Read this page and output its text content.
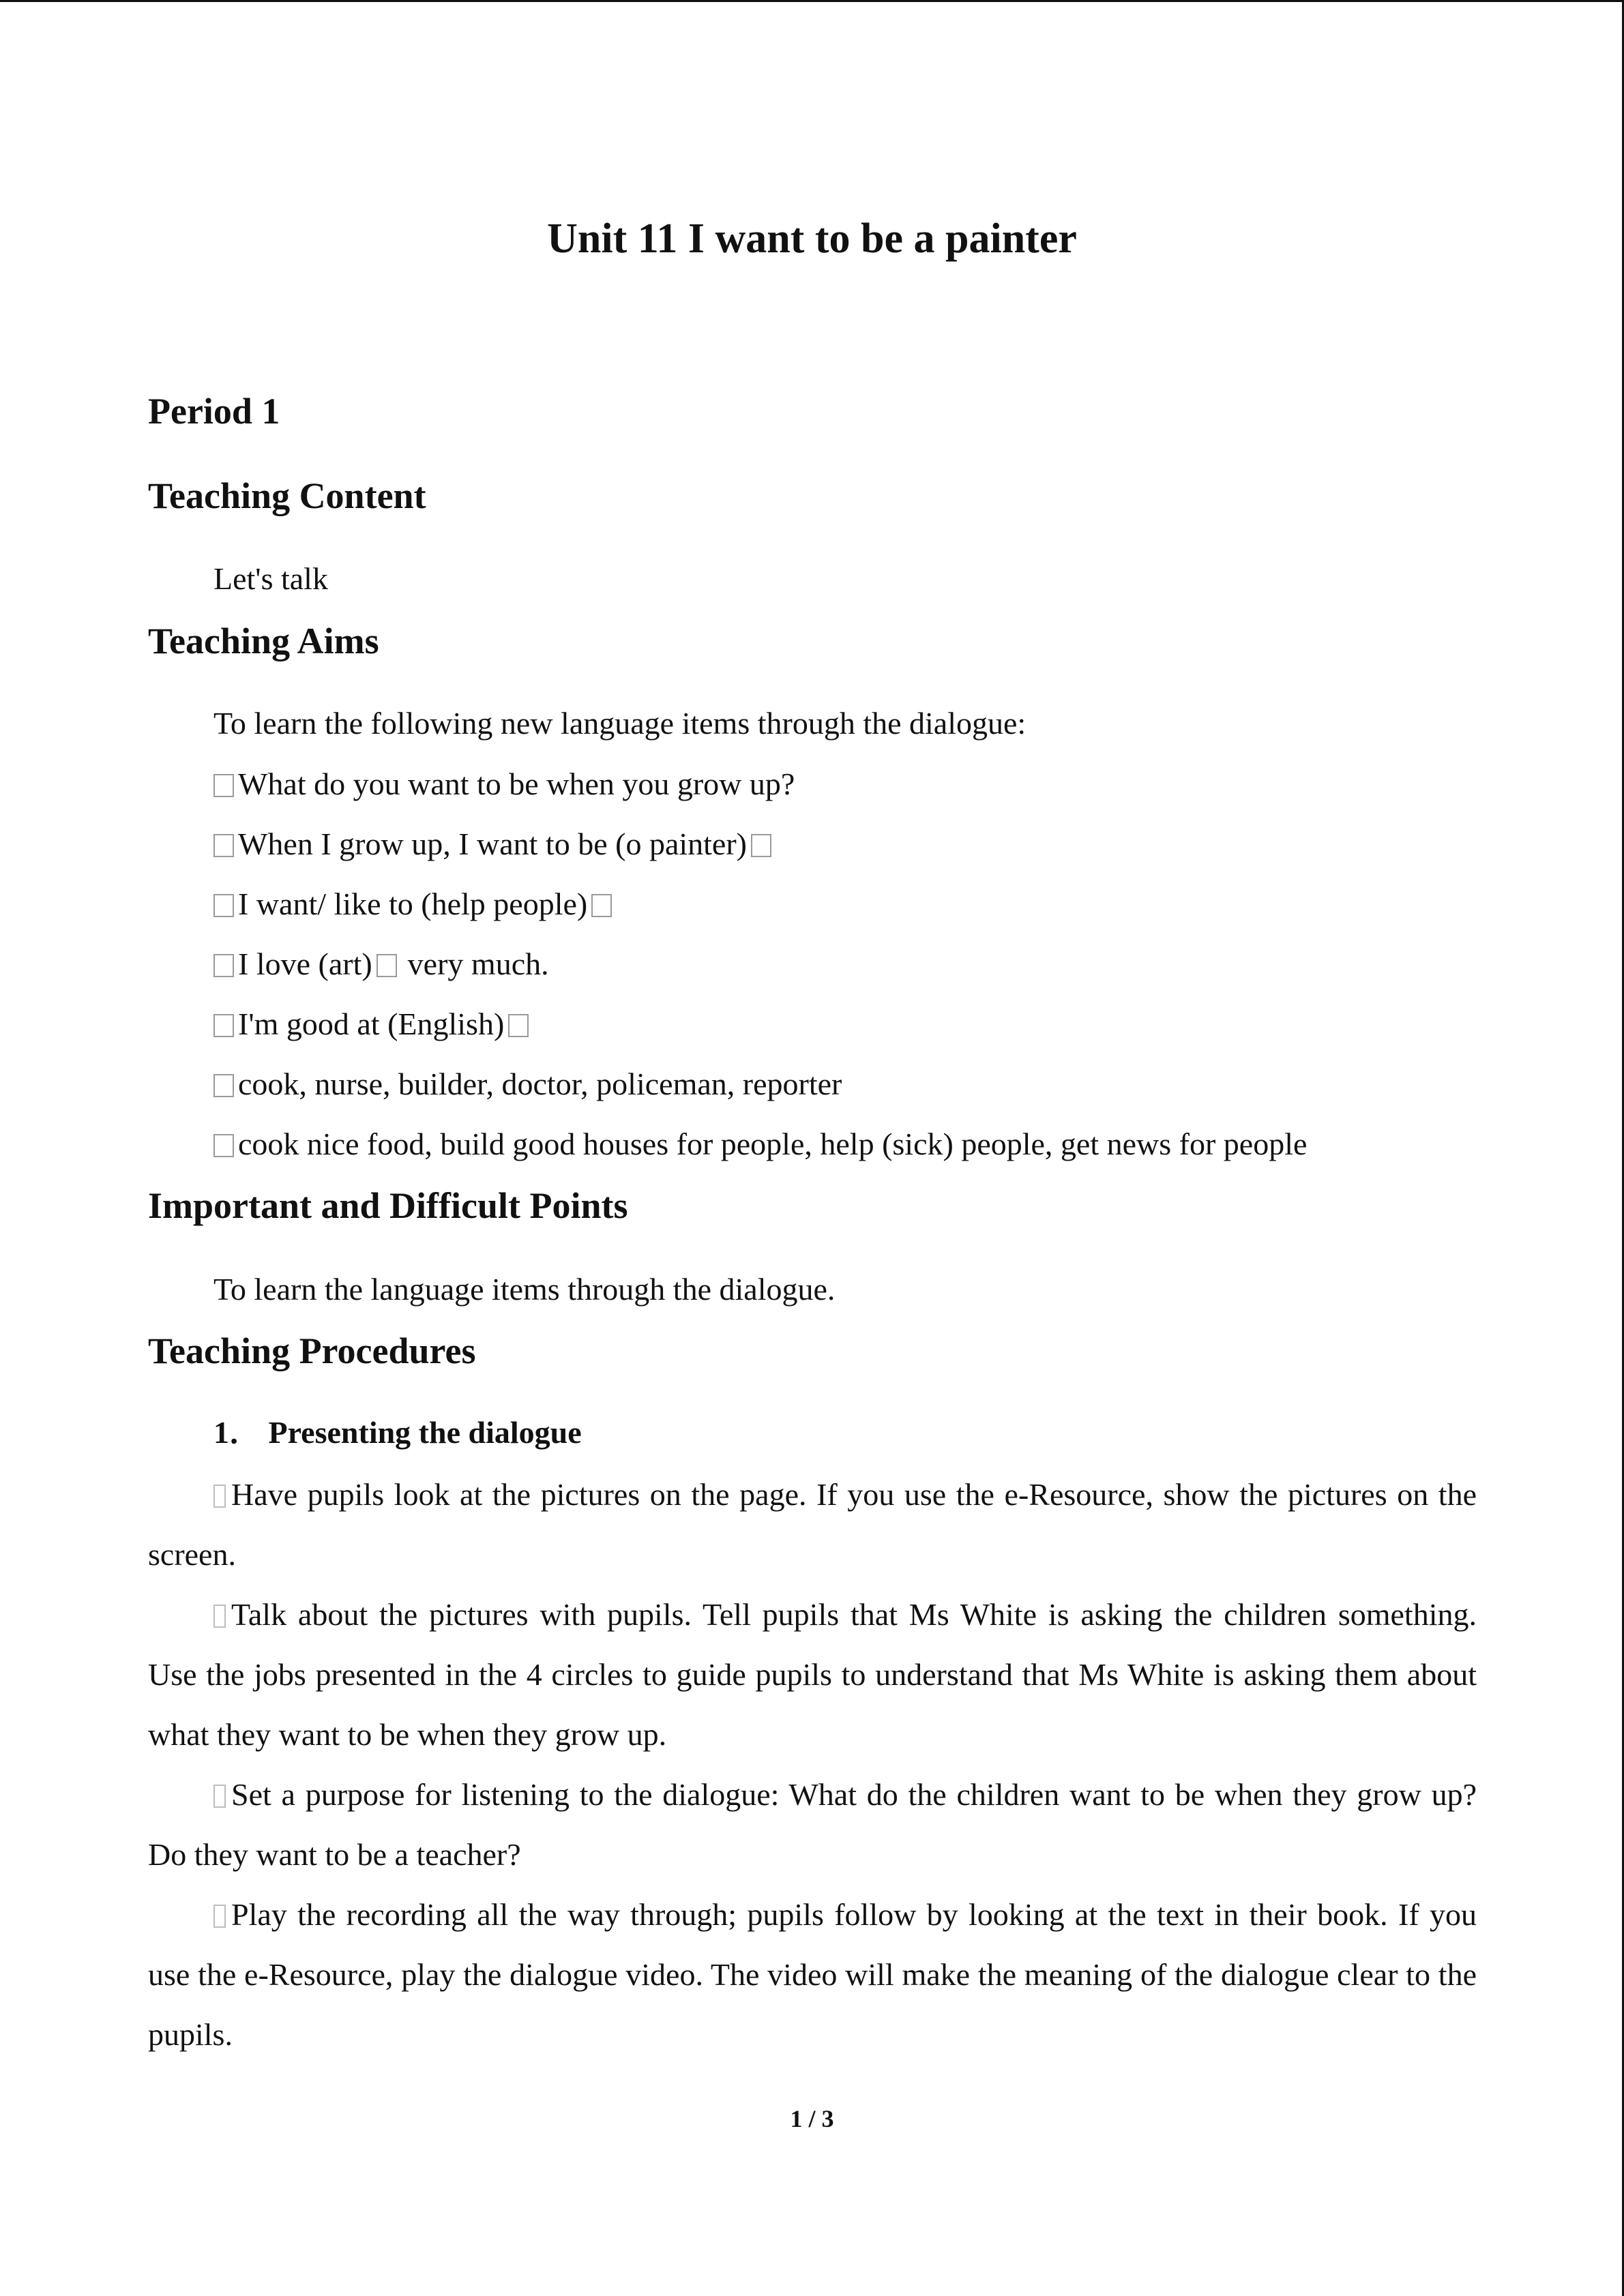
Unit 11 I want to be a painter
Period 1
Teaching Content
Let's talk
Teaching Aims
To learn the following new language items through the dialogue:
What do you want to be when you grow up?
When I grow up, I want to be (o painter)
I want/ like to (help people)
I love (art) very much.
I'm good at (English)
cook, nurse, builder, doctor, policeman, reporter
cook nice food, build good houses for people, help (sick) people, get news for people
Important and Difficult Points
To learn the language items through the dialogue.
Teaching Procedures
1． Presenting the dialogue

Have pupils look at the pictures on the page. If you use the e-Resource, show the pictures on the screen.

Talk about the pictures with pupils. Tell pupils that Ms White is asking the children something. Use the jobs presented in the 4 circles to guide pupils to understand that Ms White is asking them about what they want to be when they grow up.

Set a purpose for listening to the dialogue: What do the children want to be when they grow up? Do they want to be a teacher?

Play the recording all the way through; pupils follow by looking at the text in their book. If you use the e-Resource, play the dialogue video. The video will make the meaning of the dialogue clear to the pupils.

1 / 3
